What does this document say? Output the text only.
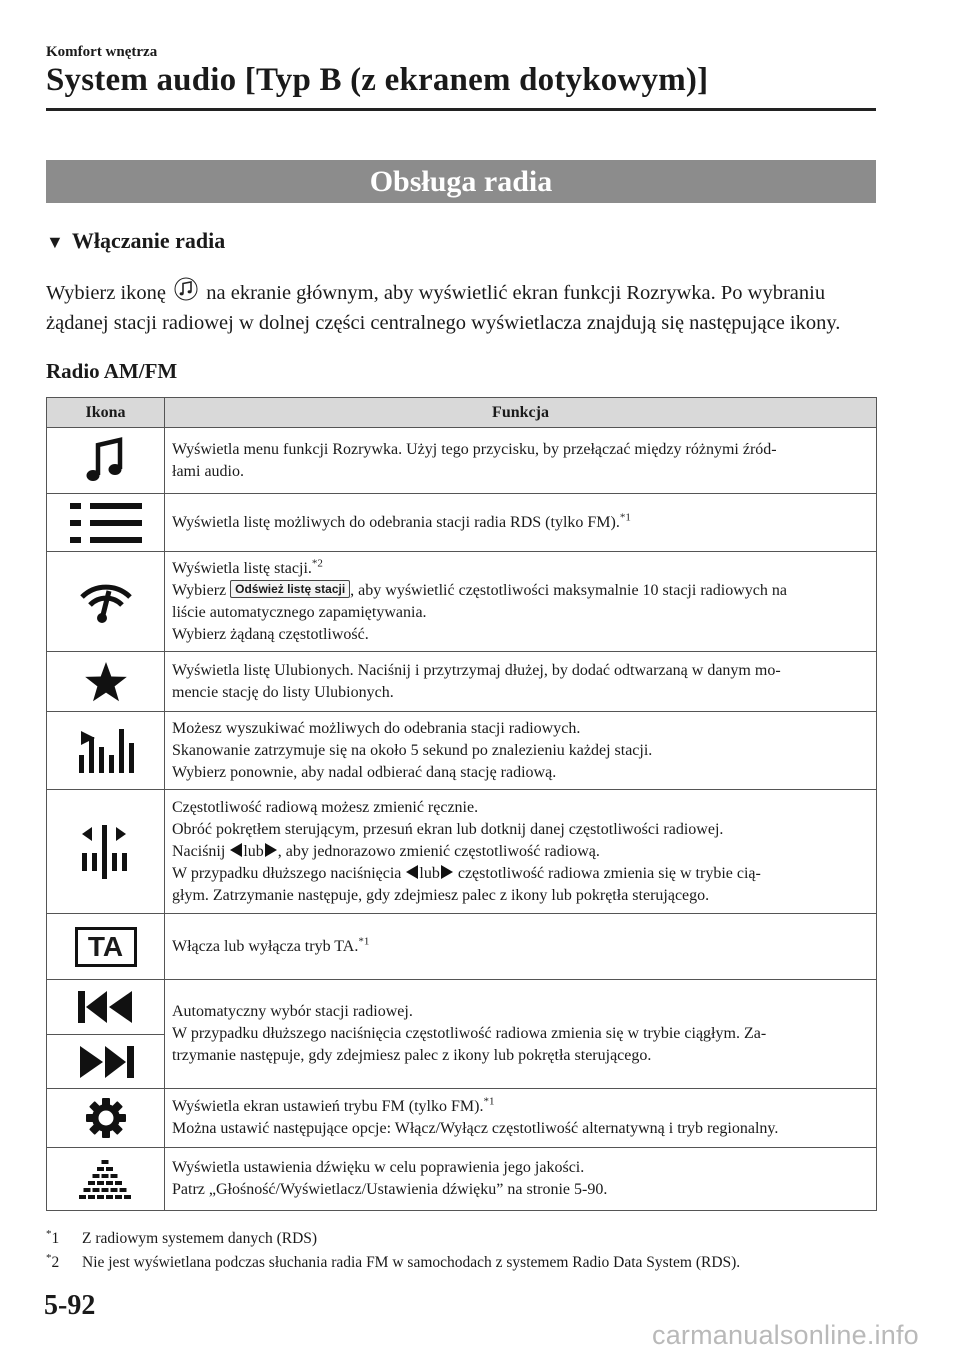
Komfort wnętrza
System audio [Typ B (z ekranem dotykowym)]
Obsługa radia
▼ Włączanie radia
Wybierz ikonę na ekranie głównym, aby wyświetlić ekran funkcji Rozrywka. Po wybraniu żądanej stacji radiowej w dolnej części centralnego wyświetlacza znajdują się następujące ikony.
Radio AM/FM
Ikona	Funkcja

Wyświetla menu funkcji Rozrywka. Użyj tego przycisku, by przełączać między różnymi źród-
łami audio.

	Wyświetla listę możliwych do odebrania stacji radia RDS (tylko FM).$^{*1}$

Wyświetla listę stacji.$^{*2}$
Wybierz Odśwież listę stacji , aby wyświetlić częstotliwości maksymalnie 10 stacji radiowych na
liście automatycznego zapamiętywania.
Wybierz żądaną częstotliwość.

Wyświetla listę Ulubionych. Naciśnij i przytrzymaj dłużej, by dodać odtwarzaną w danym mo-
mencie stację do listy Ulubionych.

Możesz wyszukiwać możliwych do odebrania stacji radiowych.
Skanowanie zatrzymuje się na około 5 sekund po znalezieniu każdej stacji.
Wybierz ponownie, aby nadal odbierać daną stację radiową.

Częstotliwość radiową możesz zmienić ręcznie.
Obróć pokrętłem sterującym, przesuń ekran lub dotknij danej częstotliwości radiowej.
Naciśnij lub , aby jednorazowo zmienić częstotliwość radiową.
W przypadku dłuższego naciśnięcia lub częstotliwość radiowa zmienia się w trybie cią-
głym. Zatrzymanie następuje, gdy zdejmiesz palec z ikony lub pokrętła sterującego.

TA	Włącza lub wyłącza tryb TA.$^{*1}$

Automatyczny wybór stacji radiowej.
W przypadku dłuższego naciśnięcia częstotliwość radiowa zmienia się w trybie ciągłym. Za-
trzymanie następuje, gdy zdejmiesz palec z ikony lub pokrętła sterującego.

Wyświetla ekran ustawień trybu FM (tylko FM).$^{*1}$
Można ustawić następujące opcje: Włącz/Wyłącz częstotliwość alternatywną i tryb regionalny.

Wyświetla ustawienia dźwięku w celu poprawienia jego jakości.
Patrz „Głośność/Wyświetlacz/Ustawienia dźwięku” na stronie 5-90.
*1 Z radiowym systemem danych (RDS)
*2 Nie jest wyświetlana podczas słuchania radia FM w samochodach z systemem Radio Data System (RDS).
5-92
carmanualsonline.info
